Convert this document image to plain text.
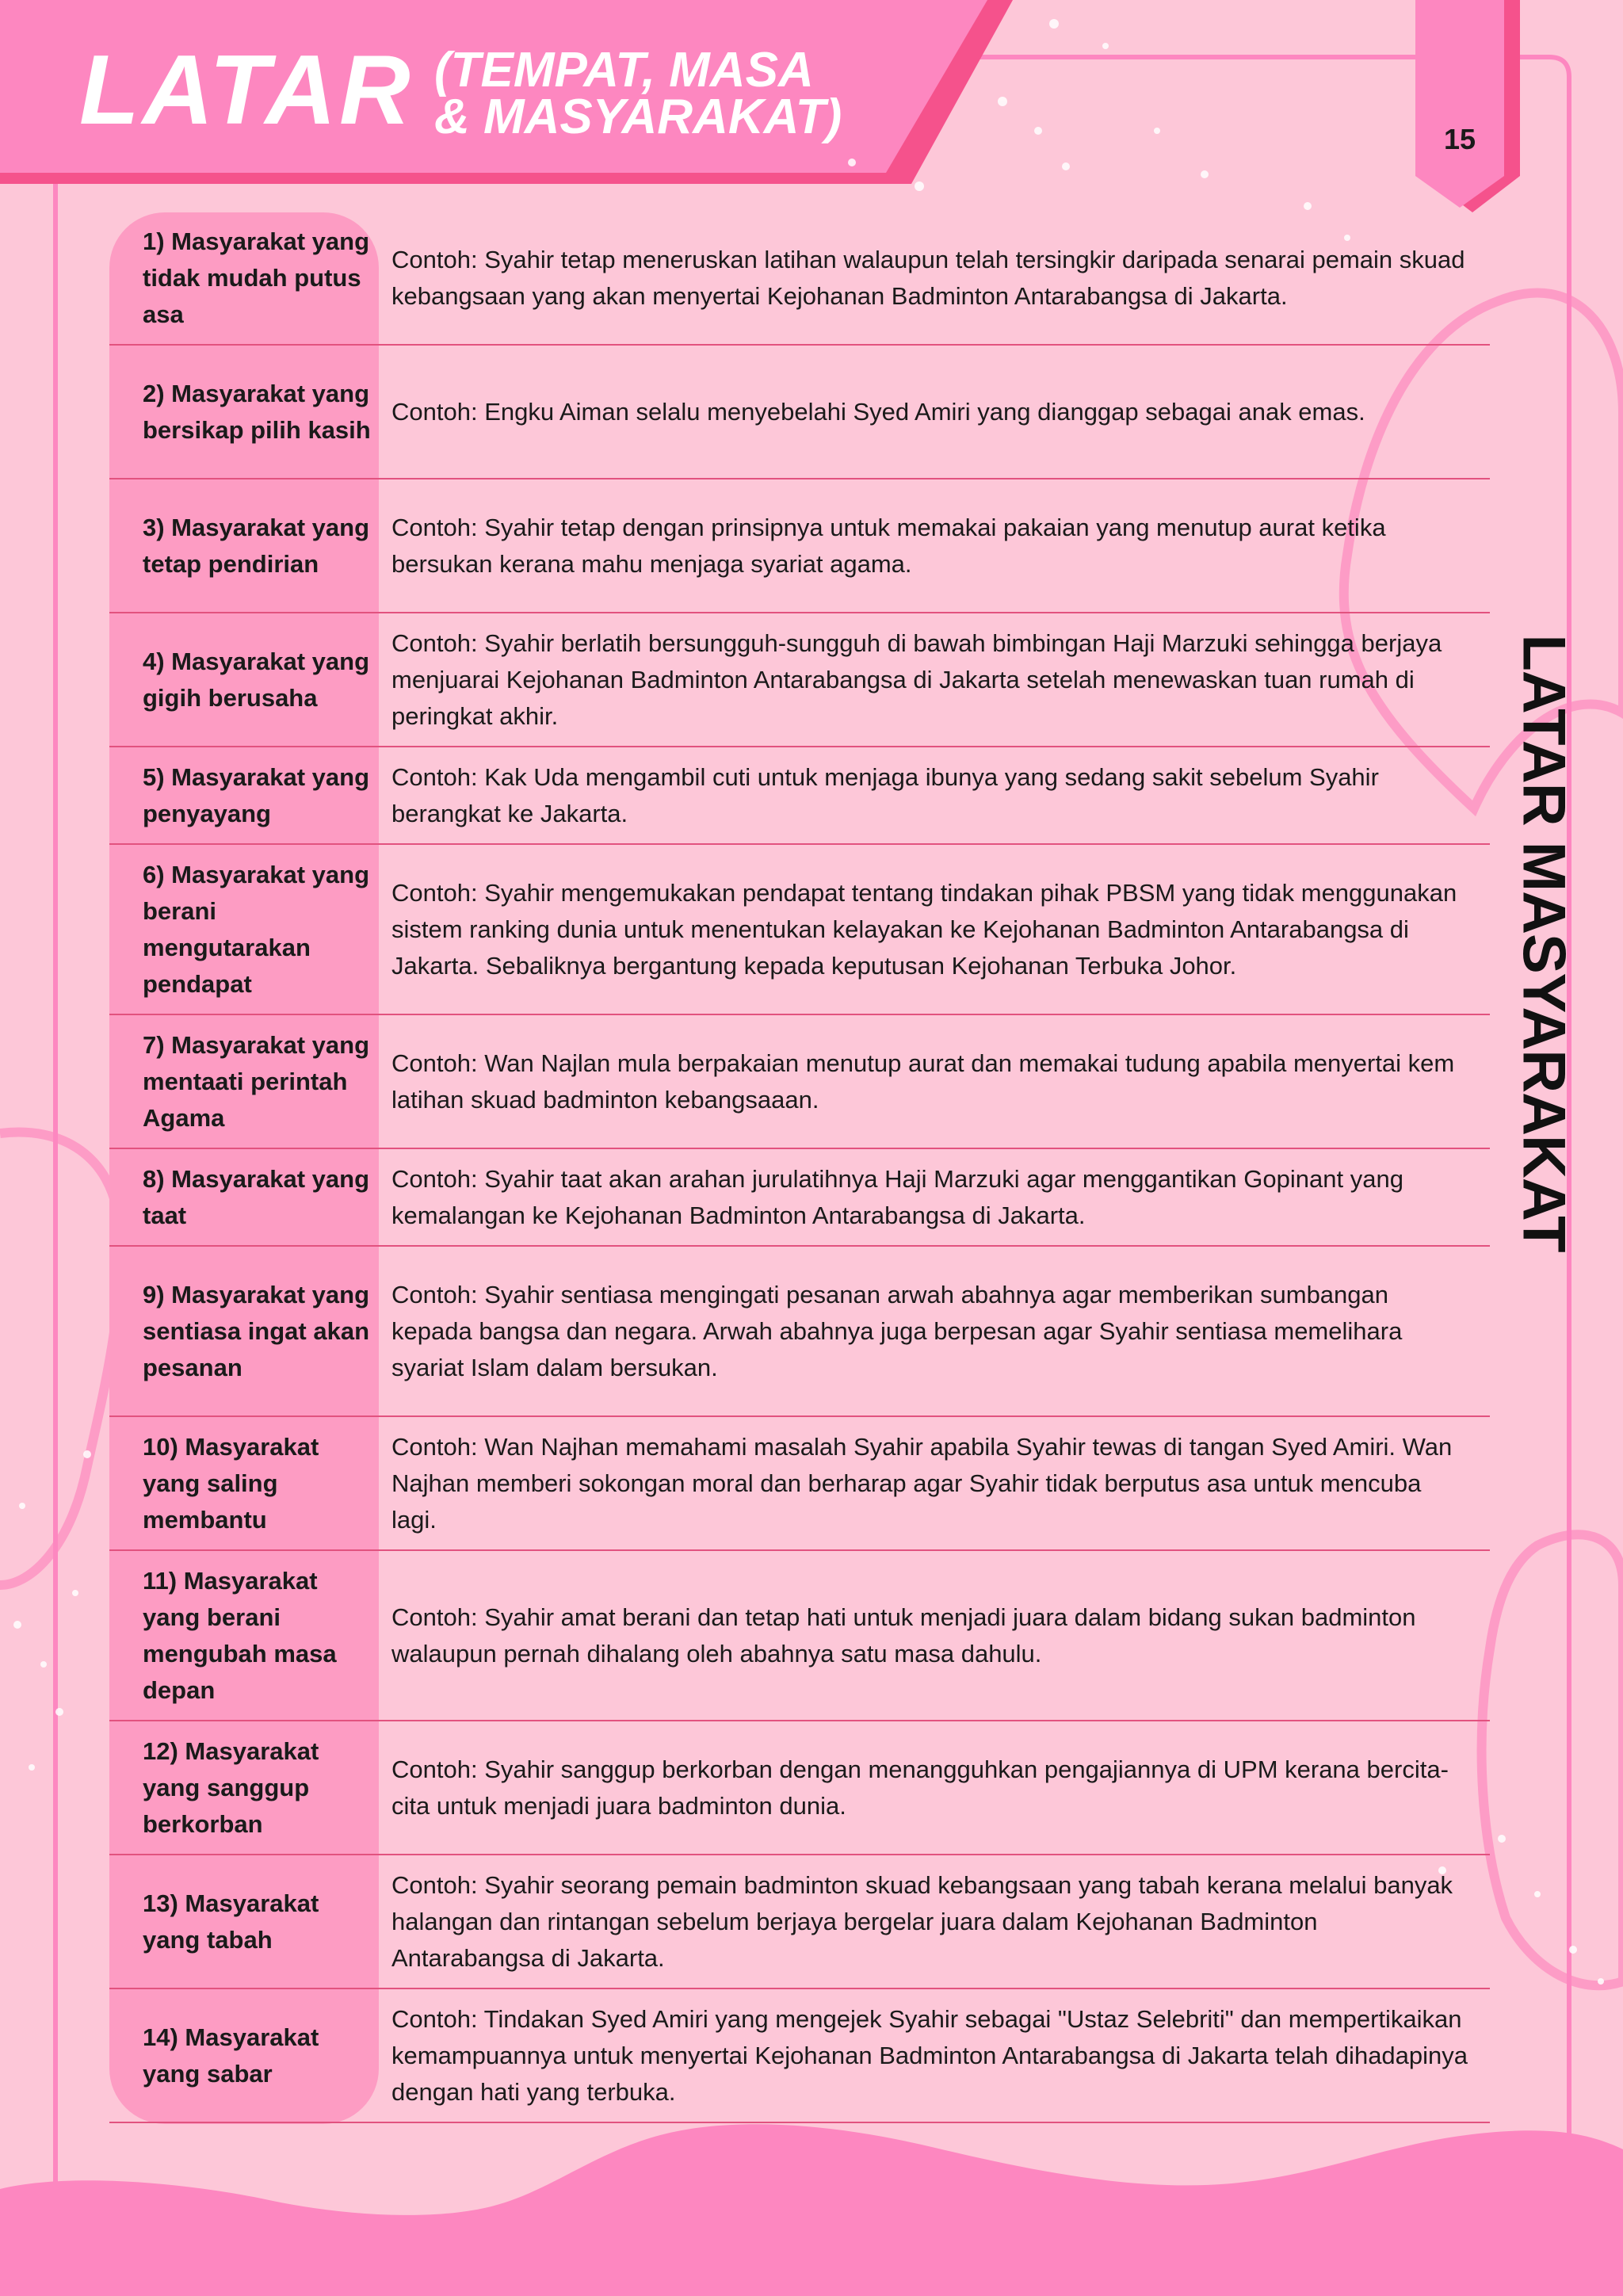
LATAR (TEMPAT, MASA
& MASYARAKAT)	15
LATAR MASYARAKAT
1) Masyarakat yang tidak mudah putus asa
Contoh: Syahir tetap meneruskan latihan walaupun telah tersingkir daripada senarai pemain skuad kebangsaan yang akan menyertai Kejohanan Badminton Antarabangsa di Jakarta.
2) Masyarakat yang bersikap pilih kasih
Contoh: Engku Aiman selalu menyebelahi Syed Amiri yang dianggap sebagai anak emas.
3) Masyarakat yang tetap pendirian
Contoh: Syahir tetap dengan prinsipnya untuk memakai pakaian yang menutup aurat ketika bersukan kerana mahu menjaga syariat agama.
4) Masyarakat yang gigih berusaha
Contoh: Syahir berlatih bersungguh-sungguh di bawah bimbingan Haji Marzuki sehingga berjaya menjuarai Kejohanan Badminton Antarabangsa di Jakarta setelah menewaskan tuan rumah di peringkat akhir.
5) Masyarakat yang penyayang
Contoh: Kak Uda mengambil cuti untuk menjaga ibunya yang sedang sakit sebelum Syahir berangkat ke Jakarta.
6) Masyarakat yang berani mengutarakan pendapat
Contoh: Syahir mengemukakan pendapat tentang tindakan pihak PBSM yang tidak menggunakan sistem ranking dunia untuk menentukan kelayakan ke Kejohanan Badminton Antarabangsa di Jakarta. Sebaliknya bergantung kepada keputusan Kejohanan Terbuka Johor.
7) Masyarakat yang mentaati perintah Agama
Contoh: Wan Najlan mula berpakaian menutup aurat dan memakai tudung apabila menyertai kem latihan skuad badminton kebangsaaan.
8) Masyarakat yang taat
Contoh: Syahir taat akan arahan jurulatihnya Haji Marzuki agar menggantikan Gopinant yang kemalangan ke Kejohanan Badminton Antarabangsa di Jakarta.
9) Masyarakat yang sentiasa ingat akan pesanan
Contoh: Syahir sentiasa mengingati pesanan arwah abahnya agar memberikan sumbangan kepada bangsa dan negara. Arwah abahnya juga berpesan agar Syahir sentiasa memelihara syariat Islam dalam bersukan.
10) Masyarakat yang saling membantu
Contoh: Wan Najhan memahami masalah Syahir apabila Syahir tewas di tangan Syed Amiri. Wan Najhan memberi sokongan moral dan berharap agar Syahir tidak berputus asa untuk mencuba lagi.
11) Masyarakat yang berani mengubah masa depan
Contoh: Syahir amat berani dan tetap hati untuk menjadi juara dalam bidang sukan badminton walaupun pernah dihalang oleh abahnya satu masa dahulu.
12) Masyarakat yang sanggup berkorban
Contoh: Syahir sanggup berkorban dengan menangguhkan pengajiannya di UPM kerana bercita-cita untuk menjadi juara badminton dunia.
13) Masyarakat yang tabah
Contoh: Syahir seorang pemain badminton skuad kebangsaan yang tabah kerana melalui banyak halangan dan rintangan sebelum berjaya bergelar juara dalam Kejohanan Badminton Antarabangsa di Jakarta.
14) Masyarakat yang sabar
Contoh: Tindakan Syed Amiri yang mengejek Syahir sebagai "Ustaz Selebriti" dan mempertikaikan kemampuannya untuk menyertai Kejohanan Badminton Antarabangsa di Jakarta telah dihadapinya dengan hati yang terbuka.
